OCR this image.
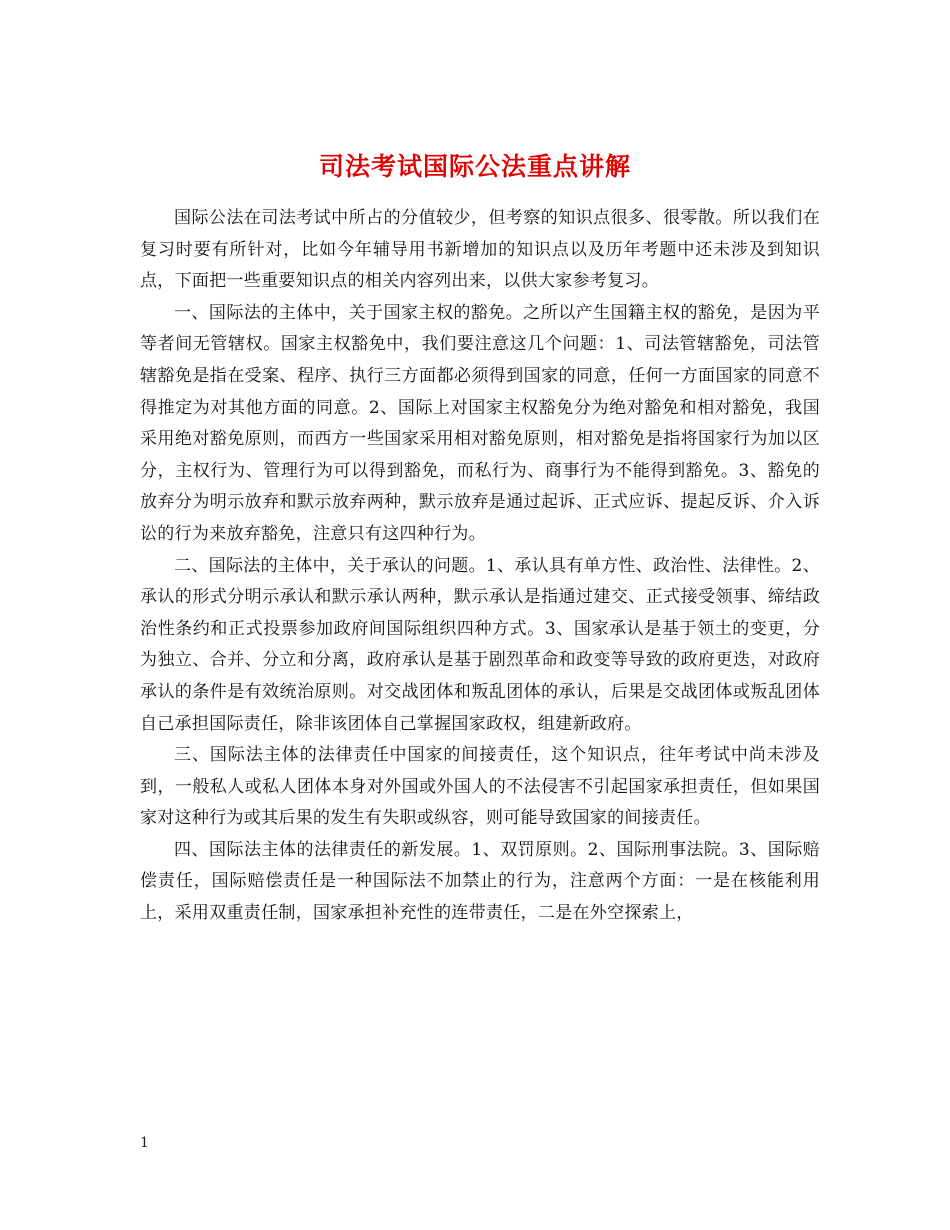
司法考试国际公法重点讲解

国际公法在司法考试中所占的分值较少，但考察的知识点很多、很零散。所以我们在复习时要有所针对，比如今年辅导用书新增加的知识点以及历年考题中还未涉及到知识点，下面把一些重要知识点的相关内容列出来，以供大家参考复习。

一、国际法的主体中，关于国家主权的豁免。之所以产生国籍主权的豁免，是因为平等者间无管辖权。国家主权豁免中，我们要注意这几个问题：1、司法管辖豁免，司法管辖豁免是指在受案、程序、执行三方面都必须得到国家的同意，任何一方面国家的同意不得推定为对其他方面的同意。2、国际上对国家主权豁免分为绝对豁免和相对豁免，我国采用绝对豁免原则，而西方一些国家采用相对豁免原则，相对豁免是指将国家行为加以区分，主权行为、管理行为可以得到豁免，而私行为、商事行为不能得到豁免。3、豁免的放弃分为明示放弃和默示放弃两种，默示放弃是通过起诉、正式应诉、提起反诉、介入诉讼的行为来放弃豁免，注意只有这四种行为。

二、国际法的主体中，关于承认的问题。1、承认具有单方性、政治性、法律性。2、承认的形式分明示承认和默示承认两种，默示承认是指通过建交、正式接受领事、缔结政治性条约和正式投票参加政府间国际组织四种方式。3、国家承认是基于领土的变更，分为独立、合并、分立和分离，政府承认是基于剧烈革命和政变等导致的政府更迭，对政府承认的条件是有效统治原则。对交战团体和叛乱团体的承认，后果是交战团体或叛乱团体自己承担国际责任，除非该团体自己掌握国家政权，组建新政府。

三、国际法主体的法律责任中国家的间接责任，这个知识点，往年考试中尚未涉及到，一般私人或私人团体本身对外国或外国人的不法侵害不引起国家承担责任，但如果国家对这种行为或其后果的发生有失职或纵容，则可能导致国家的间接责任。

四、国际法主体的法律责任的新发展。1、双罚原则。2、国际刑事法院。3、国际赔偿责任，国际赔偿责任是一种国际法不加禁止的行为，注意两个方面：一是在核能利用上，采用双重责任制，国家承担补充性的连带责任，二是在外空探索上，

1
